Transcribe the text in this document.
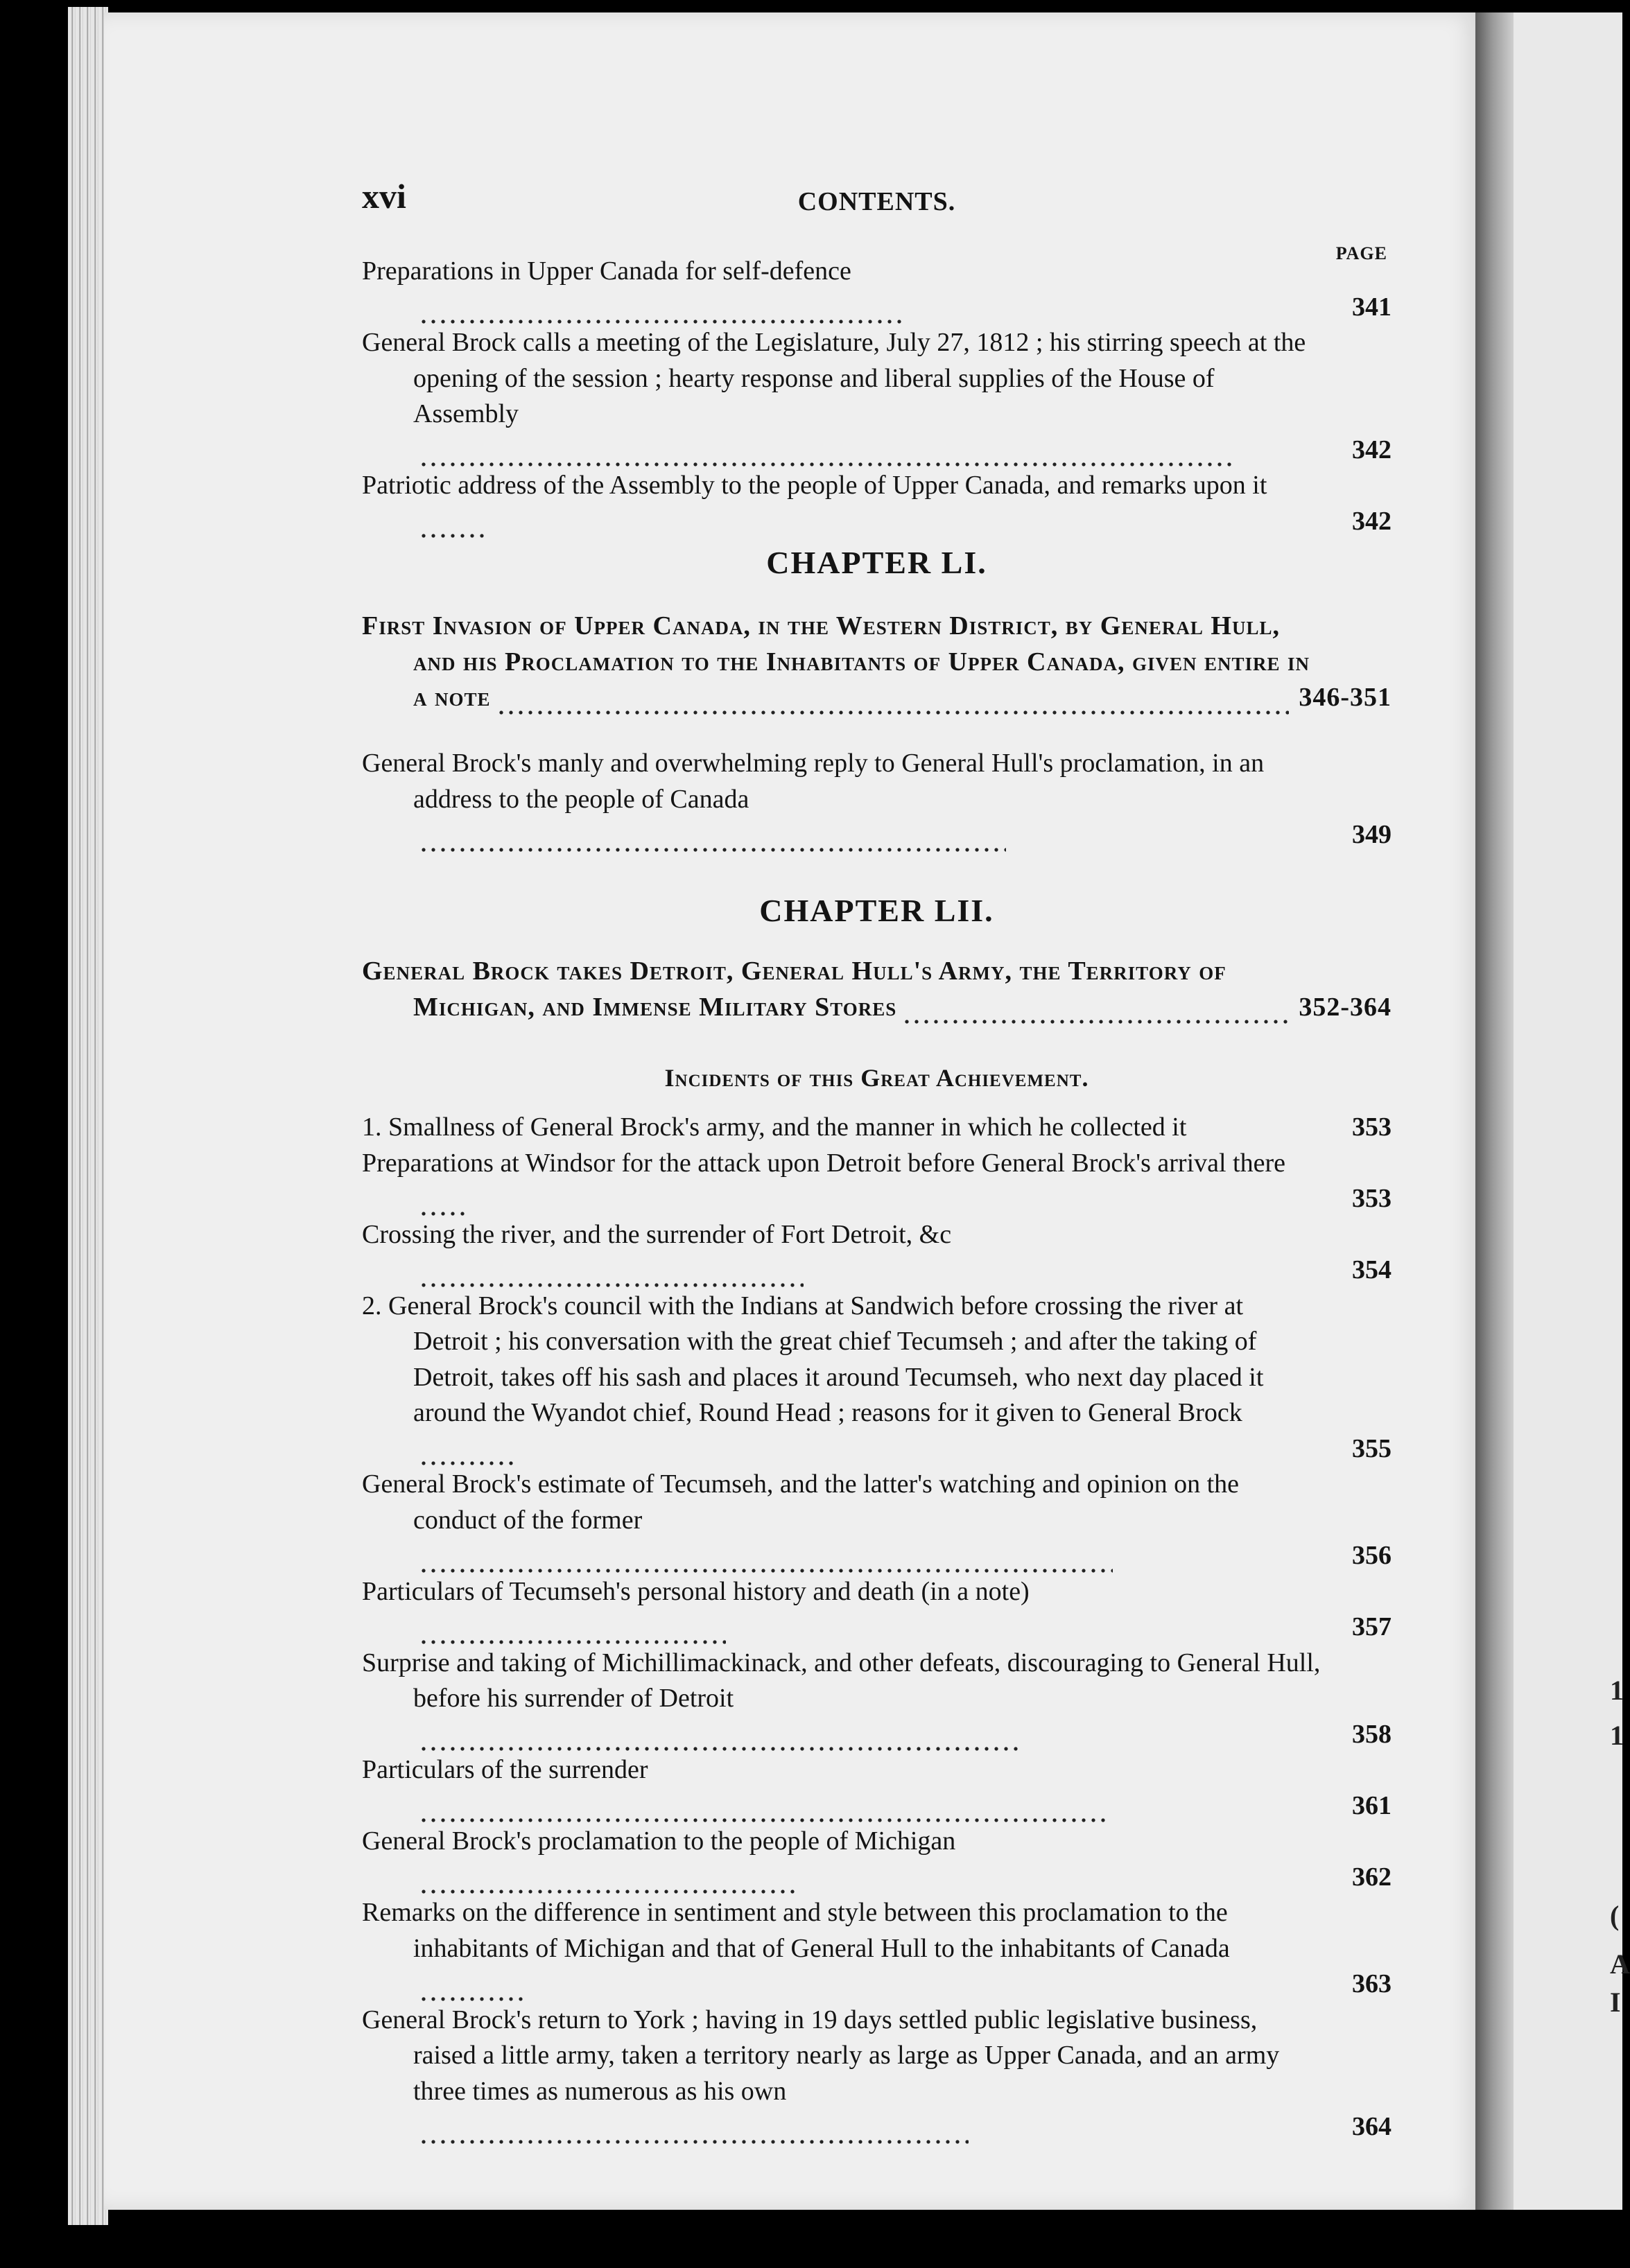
1
1
(
A
I
xvi	CONTENTS.
PAGE

Preparations in Upper Canada for self-defence
341

General Brock calls a meeting of the Legislature, July 27, 1812 ; his stirring speech at the opening of the session ; hearty response and liberal supplies of the House of Assembly
342

Patriotic address of the Assembly to the people of Upper Canada, and remarks upon it
342

CHAPTER LI.

First Invasion of Upper Canada, in the Western District, by General Hull, and his Proclamation to the Inhabitants of Upper Canada, given entire in a note	346-351

General Brock's manly and overwhelming reply to General Hull's proclamation, in an address to the people of Canada
349

CHAPTER LII.

General Brock takes Detroit, General Hull's Army, the Territory of Michigan, and Immense Military Stores	352-364

Incidents of this Great Achievement.

1. Smallness of General Brock's army, and the manner in which he collected it	353

Preparations at Windsor for the attack upon Detroit before General Brock's arrival there
353

Crossing the river, and the surrender of Fort Detroit, &c
354

2. General Brock's council with the Indians at Sandwich before crossing the river at Detroit ; his conversation with the great chief Tecumseh ; and after the taking of Detroit, takes off his sash and places it around Tecumseh, who next day placed it around the Wyandot chief, Round Head ; reasons for it given to General Brock
355

General Brock's estimate of Tecumseh, and the latter's watching and opinion on the conduct of the former
356

Particulars of Tecumseh's personal history and death (in a note)
357

Surprise and taking of Michillimackinack, and other defeats, discouraging to General Hull, before his surrender of Detroit
358

Particulars of the surrender
361

General Brock's proclamation to the people of Michigan
362

Remarks on the difference in sentiment and style between this proclamation to the inhabitants of Michigan and that of General Hull to the inhabitants of Canada
363

General Brock's return to York ; having in 19 days settled public legislative business, raised a little army, taken a territory nearly as large as Upper Canada, and an army three times as numerous as his own
364
